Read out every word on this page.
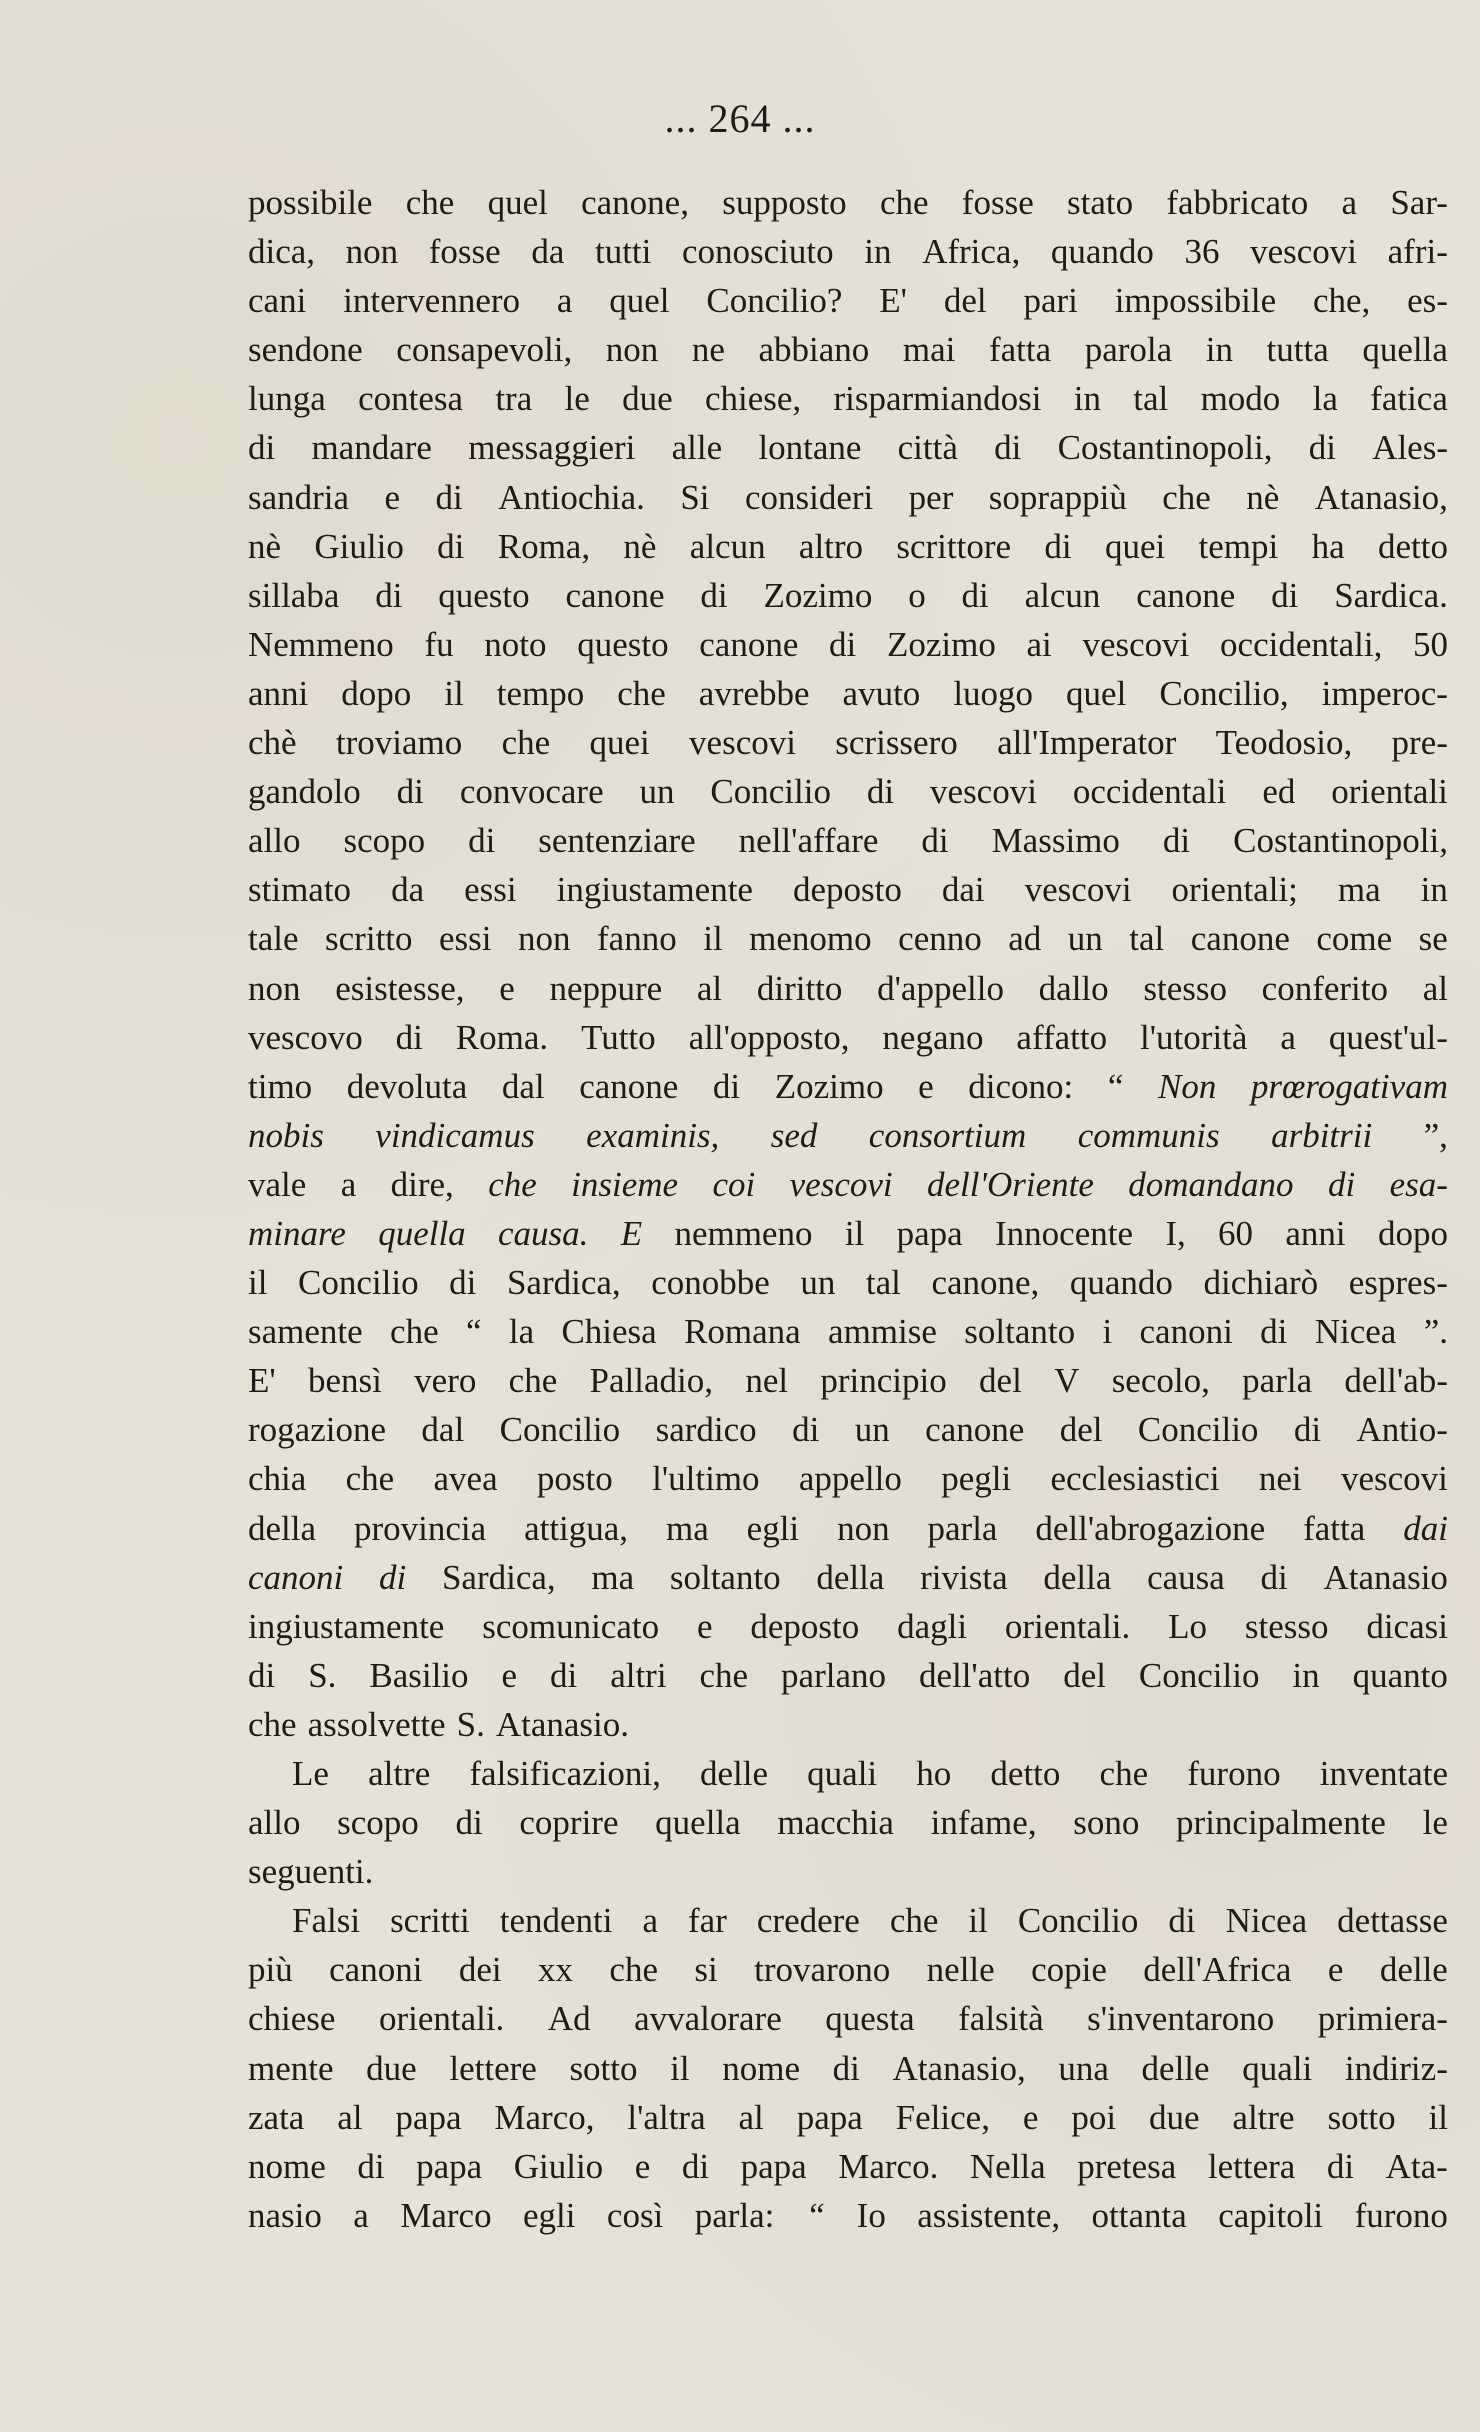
... 264 ...
possibile che quel canone, supposto che fosse stato fabbricato a Sar-
dica, non fosse da tutti conosciuto in Africa, quando 36 vescovi afri-
cani intervennero a quel Concilio? E' del pari impossibile che, es-
sendone consapevoli, non ne abbiano mai fatta parola in tutta quella
lunga contesa tra le due chiese, risparmiandosi in tal modo la fatica
di mandare messaggieri alle lontane città di Costantinopoli, di Ales-
sandria e di Antiochia. Si consideri per soprappiù che nè Atanasio,
nè Giulio di Roma, nè alcun altro scrittore di quei tempi ha detto
sillaba di questo canone di Zozimo o di alcun canone di Sardica.
Nemmeno fu noto questo canone di Zozimo ai vescovi occidentali, 50
anni dopo il tempo che avrebbe avuto luogo quel Concilio, imperoc-
chè troviamo che quei vescovi scrissero all'Imperator Teodosio, pre-
gandolo di convocare un Concilio di vescovi occidentali ed orientali
allo scopo di sentenziare nell'affare di Massimo di Costantinopoli,
stimato da essi ingiustamente deposto dai vescovi orientali; ma in
tale scritto essi non fanno il menomo cenno ad un tal canone come se
non esistesse, e neppure al diritto d'appello dallo stesso conferito al
vescovo di Roma. Tutto all'opposto, negano affatto l'utorità a quest'ul-
timo devoluta dal canone di Zozimo e dicono: “ Non prœrogativam
nobis vindicamus examinis, sed consortium communis arbitrii ”,
vale a dire, che insieme coi vescovi dell'Oriente domandano di esa-
minare quella causa. E nemmeno il papa Innocente I, 60 anni dopo
il Concilio di Sardica, conobbe un tal canone, quando dichiarò espres-
samente che “ la Chiesa Romana ammise soltanto i canoni di Nicea ”.
E' bensì vero che Palladio, nel principio del V secolo, parla dell'ab-
rogazione dal Concilio sardico di un canone del Concilio di Antio-
chia che avea posto l'ultimo appello pegli ecclesiastici nei vescovi
della provincia attigua, ma egli non parla dell'abrogazione fatta dai
canoni di Sardica, ma soltanto della rivista della causa di Atanasio
ingiustamente scomunicato e deposto dagli orientali. Lo stesso dicasi
di S. Basilio e di altri che parlano dell'atto del Concilio in quanto
che assolvette S. Atanasio.
Le altre falsificazioni, delle quali ho detto che furono inventate
allo scopo di coprire quella macchia infame, sono principalmente le
seguenti.
Falsi scritti tendenti a far credere che il Concilio di Nicea dettasse
più canoni dei xx che si trovarono nelle copie dell'Africa e delle
chiese orientali. Ad avvalorare questa falsità s'inventarono primiera-
mente due lettere sotto il nome di Atanasio, una delle quali indiriz-
zata al papa Marco, l'altra al papa Felice, e poi due altre sotto il
nome di papa Giulio e di papa Marco. Nella pretesa lettera di Ata-
nasio a Marco egli così parla: “ Io assistente, ottanta capitoli furono
